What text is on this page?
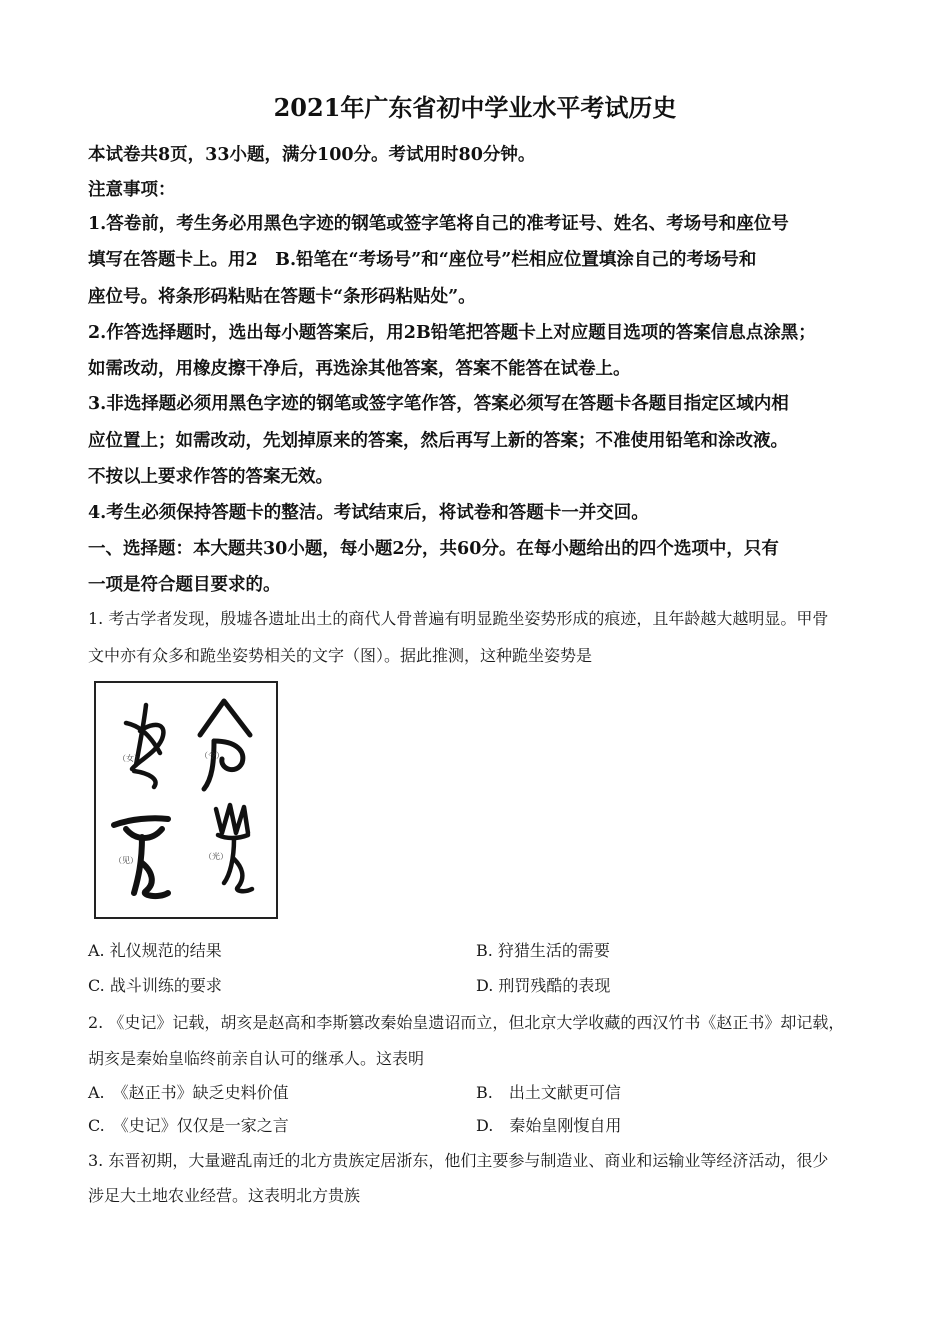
2021年广东省初中学业水平考试历史
本试卷共8页，33小题，满分100分。考试用时80分钟。
注意事项：
1.答卷前，考生务必用黑色字迹的钢笔或签字笔将自己的准考证号、姓名、考场号和座位号
填写在答题卡上。用2　B.铅笔在“考场号”和“座位号”栏相应位置填涂自己的考场号和
座位号。将条形码粘贴在答题卡“条形码粘贴处”。
2.作答选择题时，选出每小题答案后，用2B铅笔把答题卡上对应题目选项的答案信息点涂黑；
如需改动，用橡皮擦干净后，再选涂其他答案，答案不能答在试卷上。
3.非选择题必须用黑色字迹的钢笔或签字笔作答，答案必须写在答题卡各题目指定区域内相
应位置上；如需改动，先划掉原来的答案，然后再写上新的答案；不准使用铅笔和涂改液。
不按以上要求作答的答案无效。
4.考生必须保持答题卡的整洁。考试结束后，将试卷和答题卡一并交回。
一、选择题：本大题共30小题，每小题2分，共60分。在每小题给出的四个选项中，只有
一项是符合题目要求的。
1. 考古学者发现，殷墟各遗址出土的商代人骨普遍有明显跪坐姿势形成的痕迹，且年龄越大越明显。甲骨
文中亦有众多和跪坐姿势相关的文字（图）。据此推测，这种跪坐姿势是
（女）	（令）
（见）	（光）
A. 礼仪规范的结果	B. 狩猎生活的需要
C. 战斗训练的要求	D. 刑罚残酷的表现
2. 《史记》记载，胡亥是赵高和李斯篡改秦始皇遗诏而立，但北京大学收藏的西汉竹书《赵正书》却记载，
胡亥是秦始皇临终前亲自认可的继承人。这表明
A.　《赵正书》缺乏史料价值	B.　出土文献更可信
C.　《史记》仅仅是一家之言	D.　秦始皇刚愎自用
3. 东晋初期，大量避乱南迁的北方贵族定居浙东，他们主要参与制造业、商业和运输业等经济活动，很少
涉足大土地农业经营。这表明北方贵族
